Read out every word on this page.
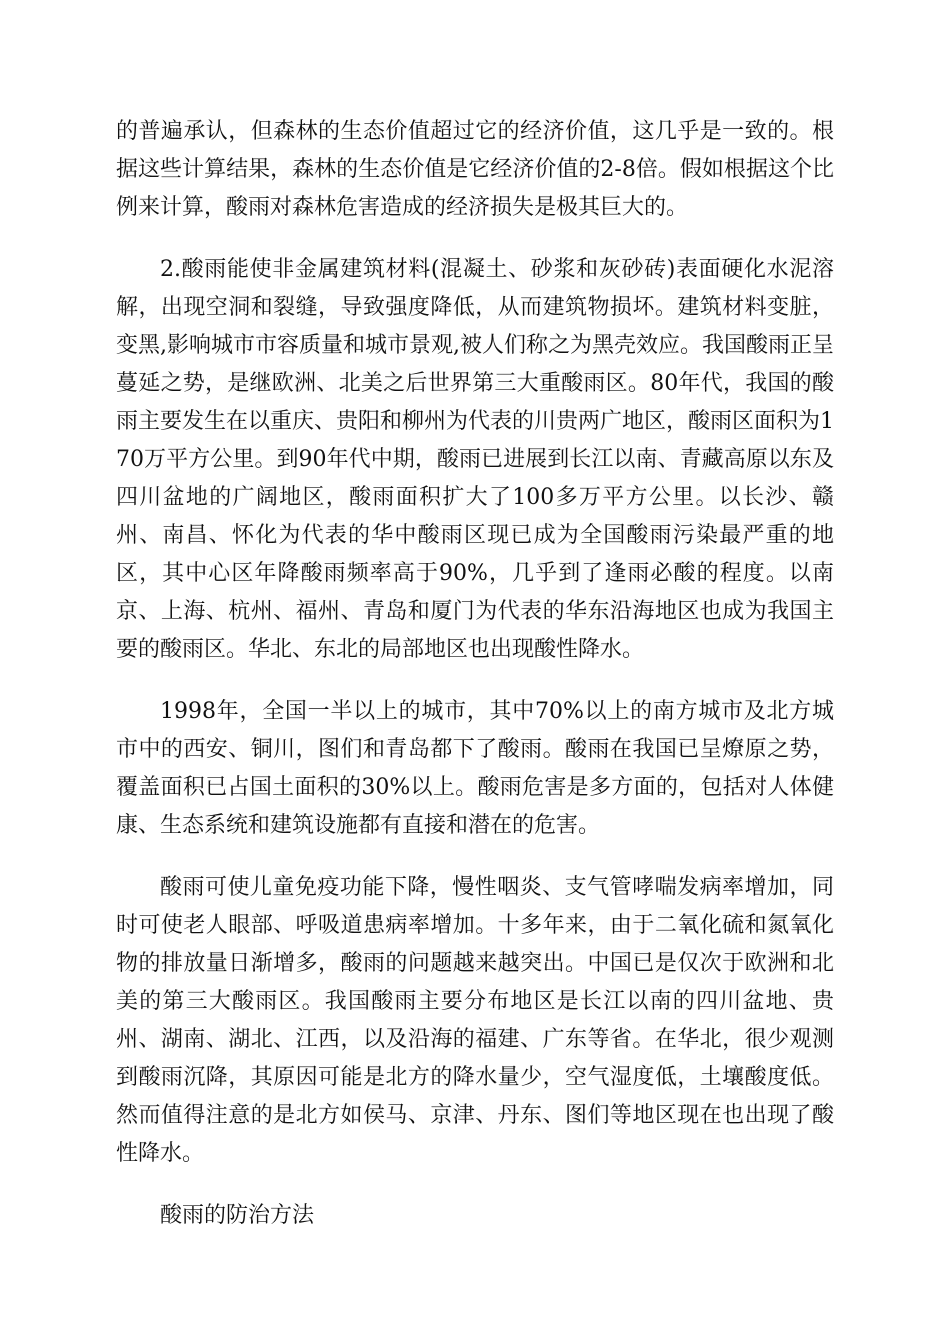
的普遍承认，但森林的生态价值超过它的经济价值，这几乎是一致的。根据这些计算结果，森林的生态价值是它经济价值的2-8倍。假如根据这个比例来计算，酸雨对森林危害造成的经济损失是极其巨大的。

2.酸雨能使非金属建筑材料(混凝土、砂浆和灰砂砖)表面硬化水泥溶解，出现空洞和裂缝，导致强度降低，从而建筑物损坏。建筑材料变脏，变黑,影响城市市容质量和城市景观,被人们称之为黑壳效应。我国酸雨正呈蔓延之势，是继欧洲、北美之后世界第三大重酸雨区。80年代，我国的酸雨主要发生在以重庆、贵阳和柳州为代表的川贵两广地区，酸雨区面积为170万平方公里。到90年代中期，酸雨已进展到长江以南、青藏高原以东及四川盆地的广阔地区，酸雨面积扩大了100多万平方公里。以长沙、赣州、南昌、怀化为代表的华中酸雨区现已成为全国酸雨污染最严重的地区，其中心区年降酸雨频率高于90%，几乎到了逢雨必酸的程度。以南京、上海、杭州、福州、青岛和厦门为代表的华东沿海地区也成为我国主要的酸雨区。华北、东北的局部地区也出现酸性降水。

1998年，全国一半以上的城市，其中70%以上的南方城市及北方城市中的西安、铜川，图们和青岛都下了酸雨。酸雨在我国已呈燎原之势，覆盖面积已占国土面积的30%以上。酸雨危害是多方面的，包括对人体健康、生态系统和建筑设施都有直接和潜在的危害。

酸雨可使儿童免疫功能下降，慢性咽炎、支气管哮喘发病率增加，同时可使老人眼部、呼吸道患病率增加。十多年来，由于二氧化硫和氮氧化物的排放量日渐增多，酸雨的问题越来越突出。中国已是仅次于欧洲和北美的第三大酸雨区。我国酸雨主要分布地区是长江以南的四川盆地、贵州、湖南、湖北、江西，以及沿海的福建、广东等省。在华北，很少观测到酸雨沉降，其原因可能是北方的降水量少，空气湿度低，土壤酸度低。然而值得注意的是北方如侯马、京津、丹东、图们等地区现在也出现了酸性降水。

酸雨的防治方法
